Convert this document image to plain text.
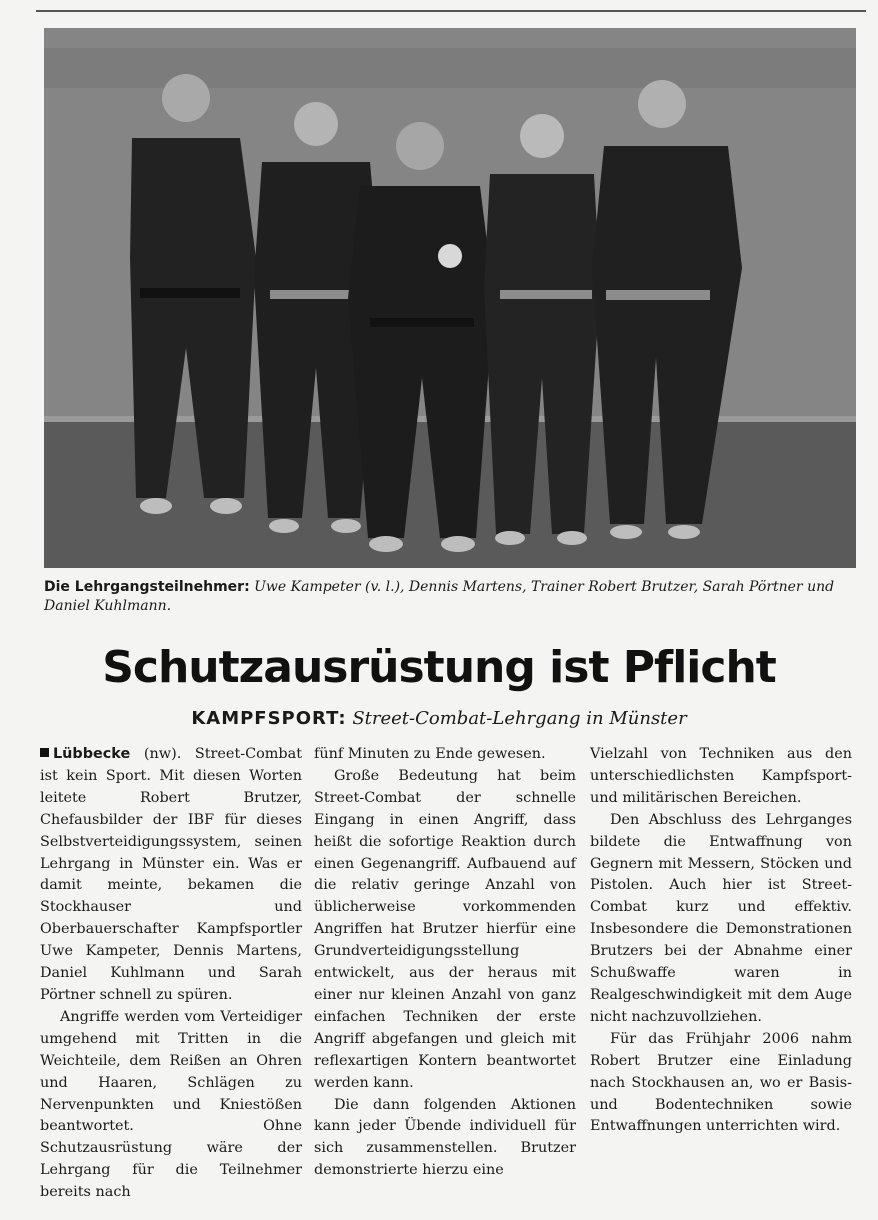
Die Lehrgangsteilnehmer: Uwe Kampeter (v. l.), Dennis Martens, Trainer Robert Brutzer, Sarah Pörtner und Daniel Kuhlmann.
Schutzausrüstung ist Pflicht
KAMPFSPORT: Street-Combat-Lehrgang in Münster

Lübbecke (nw). Street-Combat ist kein Sport. Mit diesen Worten leitete Robert Brutzer, Chefausbilder der IBF für dieses Selbstverteidigungssystem, seinen Lehrgang in Münster ein. Was er damit meinte, bekamen die Stockhauser und Oberbauerschafter Kampfsportler Uwe Kampeter, Dennis Martens, Daniel Kuhlmann und Sarah Pörtner schnell zu spüren.

Angriffe werden vom Verteidiger umgehend mit Tritten in die Weichteile, dem Reißen an Ohren und Haaren, Schlägen zu Nervenpunkten und Kniestößen beantwortet. Ohne Schutzausrüstung wäre der Lehrgang für die Teilnehmer bereits nach

fünf Minuten zu Ende gewesen.

Große Bedeutung hat beim Street-Combat der schnelle Eingang in einen Angriff, dass heißt die sofortige Reaktion durch einen Gegenangriff. Aufbauend auf die relativ geringe Anzahl von üblicherweise vorkommenden Angriffen hat Brutzer hierfür eine Grundverteidigungsstellung entwickelt, aus der heraus mit einer nur kleinen Anzahl von ganz einfachen Techniken der erste Angriff abgefangen und gleich mit reflexartigen Kontern beantwortet werden kann.

Die dann folgenden Aktionen kann jeder Übende individuell für sich zusammenstellen. Brutzer demonstrierte hierzu eine

Vielzahl von Techniken aus den unterschiedlichsten Kampfsport- und militärischen Bereichen.

Den Abschluss des Lehrganges bildete die Entwaffnung von Gegnern mit Messern, Stöcken und Pistolen. Auch hier ist Street-Combat kurz und effektiv. Insbesondere die Demonstrationen Brutzers bei der Abnahme einer Schußwaffe waren in Realgeschwindigkeit mit dem Auge nicht nachzuvollziehen.

Für das Frühjahr 2006 nahm Robert Brutzer eine Einladung nach Stockhausen an, wo er Basis- und Bodentechniken sowie Entwaffnungen unterrichten wird.
